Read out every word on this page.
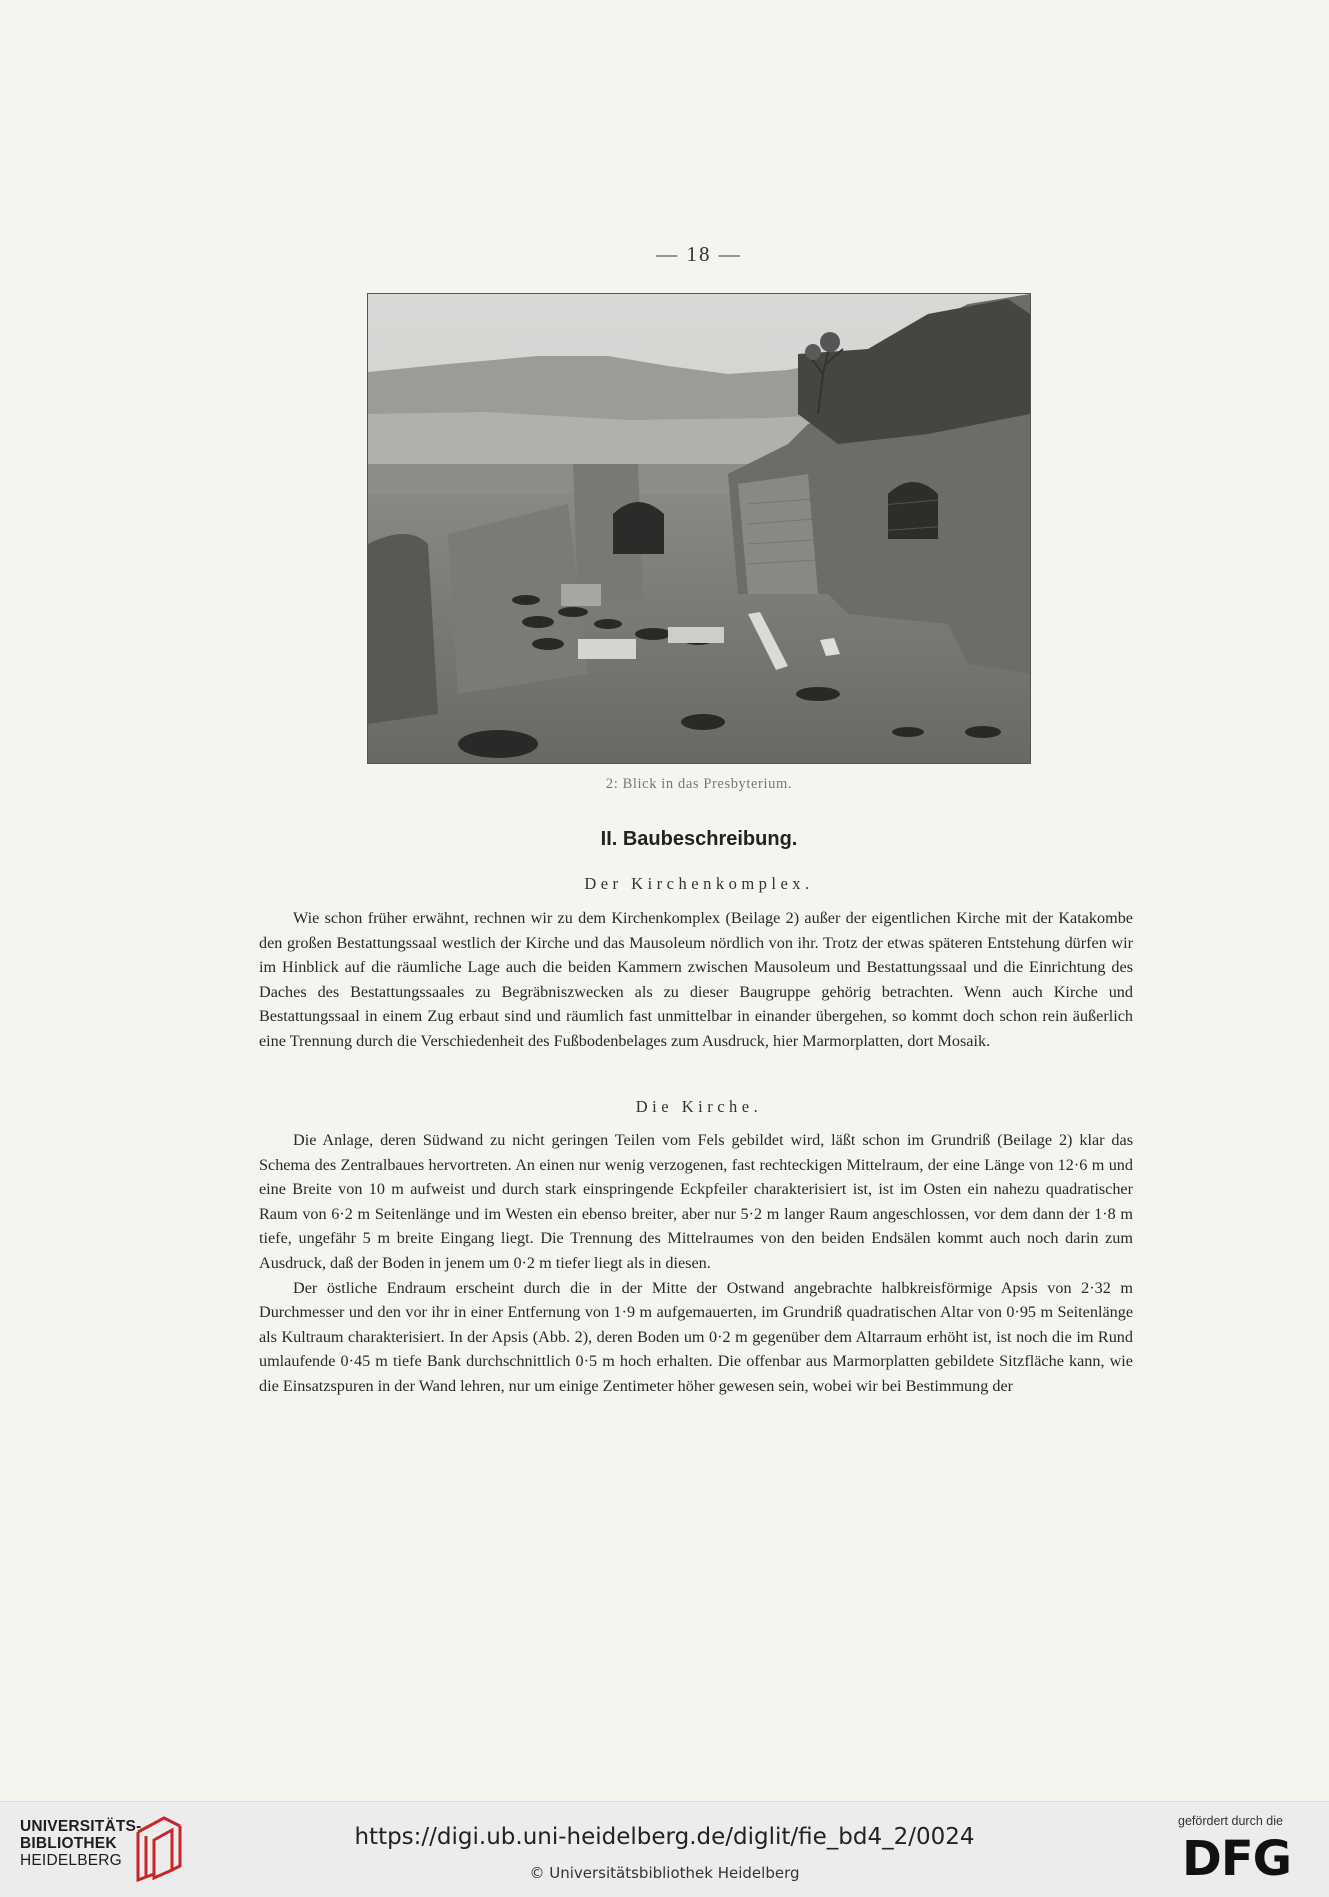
— 18 —
2: Blick in das Presbyterium.
II. Baubeschreibung.
Der Kirchenkomplex.

Wie schon früher erwähnt, rechnen wir zu dem Kirchenkomplex (Beilage 2) außer der eigentlichen Kirche mit der Katakombe den großen Bestattungssaal westlich der Kirche und das Mausoleum nördlich von ihr. Trotz der etwas späteren Entstehung dürfen wir im Hinblick auf die räumliche Lage auch die beiden Kammern zwischen Mausoleum und Bestattungssaal und die Einrichtung des Daches des Bestattungssaales zu Begräbniszwecken als zu dieser Baugruppe gehörig betrachten. Wenn auch Kirche und Bestattungssaal in einem Zug erbaut sind und räumlich fast unmittelbar in einander übergehen, so kommt doch schon rein äußerlich eine Trennung durch die Verschiedenheit des Fußbodenbelages zum Ausdruck, hier Marmorplatten, dort Mosaik.

Die Kirche.

Die Anlage, deren Südwand zu nicht geringen Teilen vom Fels gebildet wird, läßt schon im Grundriß (Beilage 2) klar das Schema des Zentralbaues hervortreten. An einen nur wenig verzogenen, fast rechteckigen Mittelraum, der eine Länge von 12·6 m und eine Breite von 10 m aufweist und durch stark einspringende Eckpfeiler charakterisiert ist, ist im Osten ein nahezu quadratischer Raum von 6·2 m Seitenlänge und im Westen ein ebenso breiter, aber nur 5·2 m langer Raum angeschlossen, vor dem dann der 1·8 m tiefe, ungefähr 5 m breite Eingang liegt. Die Trennung des Mittelraumes von den beiden Endsälen kommt auch noch darin zum Ausdruck, daß der Boden in jenem um 0·2 m tiefer liegt als in diesen.

Der östliche Endraum erscheint durch die in der Mitte der Ostwand angebrachte halbkreisförmige Apsis von 2·32 m Durchmesser und den vor ihr in einer Entfernung von 1·9 m aufgemauerten, im Grundriß quadratischen Altar von 0·95 m Seitenlänge als Kultraum charakterisiert. In der Apsis (Abb. 2), deren Boden um 0·2 m gegenüber dem Altarraum erhöht ist, ist noch die im Rund umlaufende 0·45 m tiefe Bank durchschnittlich 0·5 m hoch erhalten. Die offenbar aus Marmorplatten gebildete Sitzfläche kann, wie die Einsatzspuren in der Wand lehren, nur um einige Zentimeter höher gewesen sein, wobei wir bei Bestimmung der

UNIVERSITÄTS-
BIBLIOTHEK
HEIDELBERG
https://digi.ub.uni-heidelberg.de/diglit/fie_bd4_2/0024
© Universitätsbibliothek Heidelberg
gefördert durch die
DFG
